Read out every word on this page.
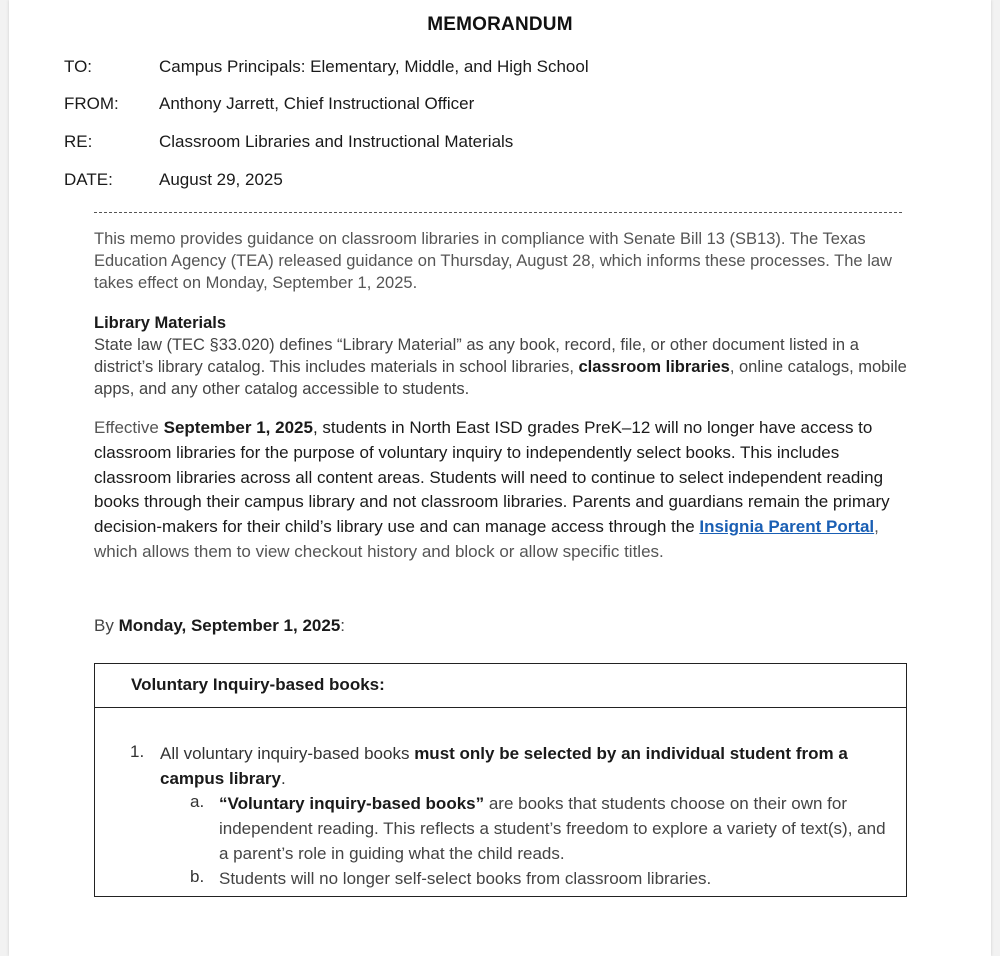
MEMORANDUM
TO:	Campus Principals: Elementary, Middle, and High School
FROM: Anthony Jarrett, Chief Instructional Officer
RE:	Classroom Libraries and Instructional Materials
DATE:	August 29, 2025
This memo provides guidance on classroom libraries in compliance with Senate Bill 13 (SB13). The Texas Education Agency (TEA) released guidance on Thursday, August 28, which informs these processes. The law takes effect on Monday, September 1, 2025.
Library Materials
State law (TEC §33.020) defines “Library Material” as any book, record, file, or other document listed in a district’s library catalog. This includes materials in school libraries, classroom libraries, online catalogs, mobile apps, and any other catalog accessible to students.
Effective September 1, 2025, students in North East ISD grades PreK–12 will no longer have access to classroom libraries for the purpose of voluntary inquiry to independently select books. This includes classroom libraries across all content areas. Students will need to continue to select independent reading books through their campus library and not classroom libraries. Parents and guardians remain the primary decision-makers for their child’s library use and can manage access through the Insignia Parent Portal, which allows them to view checkout history and block or allow specific titles.
By Monday, September 1, 2025:
Voluntary Inquiry-based books:
1. All voluntary inquiry-based books must only be selected by an individual student from a campus library.
a. “Voluntary inquiry-based books” are books that students choose on their own for independent reading. This reflects a student’s freedom to explore a variety of text(s), and a parent’s role in guiding what the child reads.
b. Students will no longer self-select books from classroom libraries.
